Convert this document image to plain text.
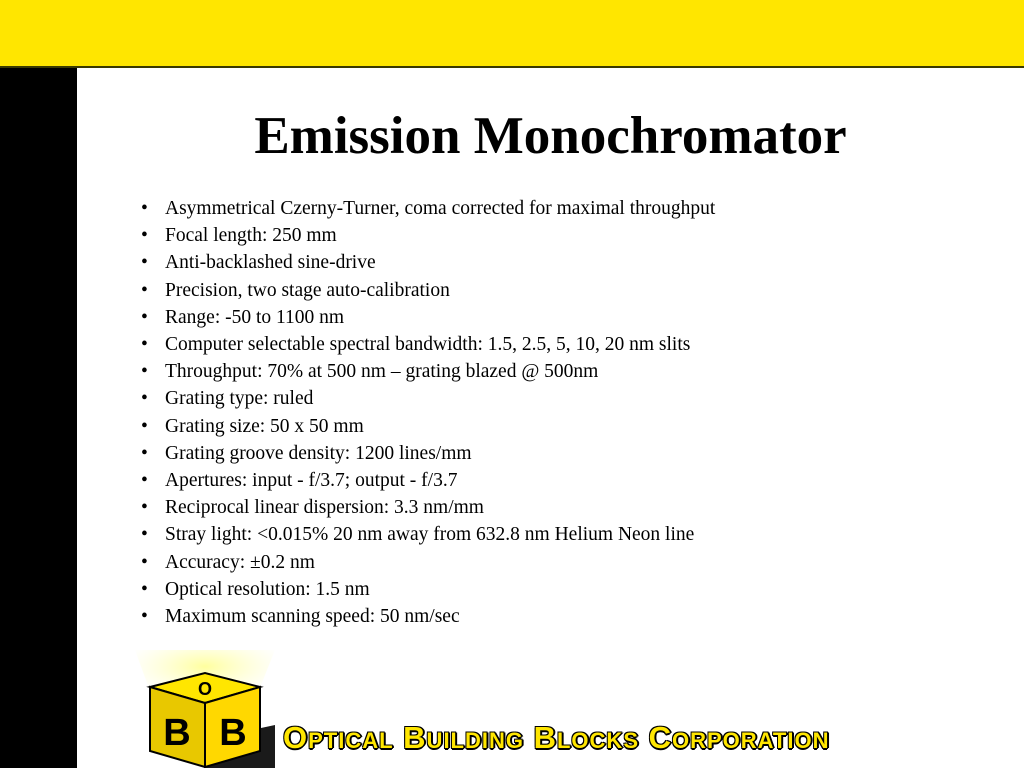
Emission Monochromator
• Asymmetrical Czerny-Turner, coma corrected for maximal throughput
• Focal length: 250 mm
• Anti-backlashed sine-drive
• Precision, two stage auto-calibration
• Range: -50 to 1100 nm
• Computer selectable spectral bandwidth: 1.5, 2.5, 5, 10, 20 nm slits
• Throughput: 70% at 500 nm – grating blazed @ 500nm
• Grating type: ruled
• Grating size: 50 x 50 mm
• Grating groove density: 1200 lines/mm
• Apertures: input - f/3.7; output - f/3.7
• Reciprocal linear dispersion: 3.3 nm/mm
• Stray light: <0.015% 20 nm away from 632.8 nm Helium Neon line
• Accuracy: ±0.2 nm
• Optical resolution: 1.5 nm
• Maximum scanning speed: 50 nm/sec
O
B B Optical Building Blocks Corporation
